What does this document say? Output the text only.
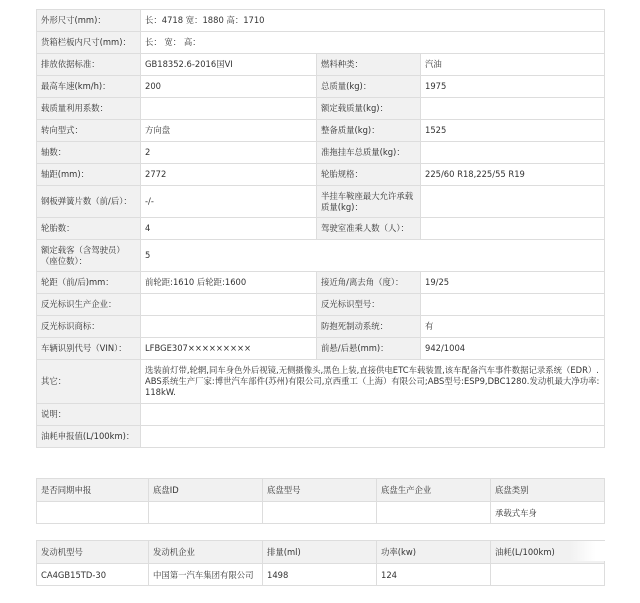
外形尺寸(mm)：	长：4718 宽：1880 高：1710		
货箱栏板内尺寸(mm)：	长： 宽： 高：		
排放依据标准：	GB18352.6-2016国VI	燃料种类：	汽油
最高车速(km/h)：	200	总质量(kg)：	1975
载质量利用系数：		额定载质量(kg)：	
转向型式：	方向盘	整备质量(kg)：	1525
轴数：	2	准拖挂车总质量(kg)：	
轴距(mm)：	2772	轮胎规格：	225/60 R18,225/55 R19
钢板弹簧片数（前/后）：	-/-	半挂车鞍座最大允许承载质量(kg)：	
轮胎数：	4	驾驶室准乘人数（人）：	
额定载客（含驾驶员）（座位数）：	5		
轮距（前/后)mm：	前轮距:1610 后轮距:1600	接近角/离去角（度）：	19/25
反光标识生产企业：		反光标识型号：	
反光标识商标：		防抱死制动系统：	有
车辆识别代号（VIN）：	LFBGE307×××××××××	前悬/后悬(mm)：	942/1004
其它：	选装前灯带,轮辋,同车身色外后视镜,无侧摄像头,黑色上装,直接供电ETC车载装置,该车配备汽车事件数据记录系统（EDR）.ABS系统生产厂家:博世汽车部件(苏州)有限公司,京西重工（上海）有限公司;ABS型号:ESP9,DBC1280.发动机最大净功率:118kW.		
说明：			
油耗申报值(L/100km)：			
是否同期申报	底盘ID	底盘型号	底盘生产企业	底盘类别
				承载式车身
发动机型号	发动机企业	排量(ml)	功率(kw)	油耗(L/100km)
CA4GB15TD-30	中国第一汽车集团有限公司	1498	124	
